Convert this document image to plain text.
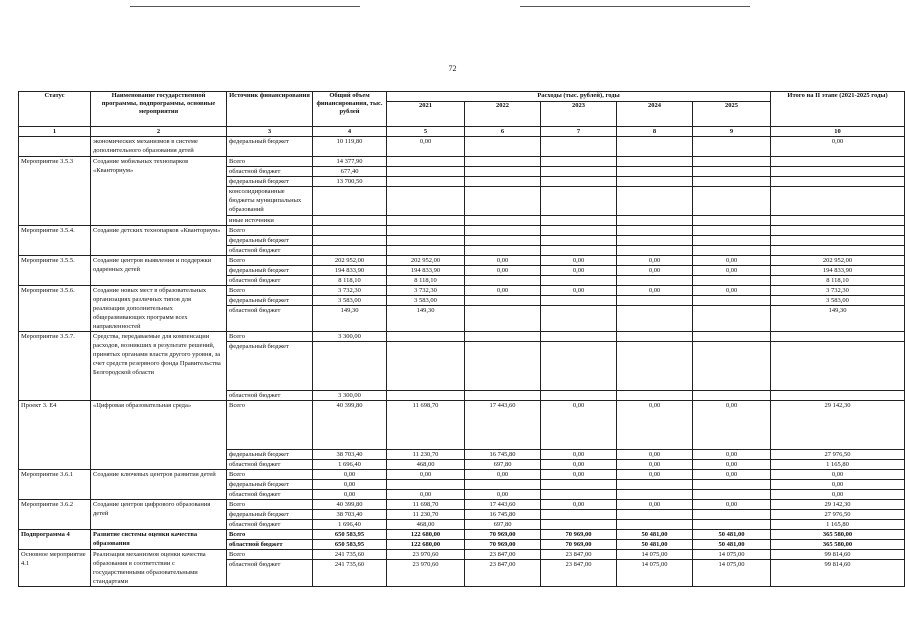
72
Статус	Наименование государственной программы, подпрограммы, основные мероприятия	Источник финансирования	Общий объем финансирования, тыс. рублей	Расходы (тыс. рублей), годы					Итого на II этапе (2021-2025 годы)
				2021	2022	2023	2024	2025	
1	2	3	4	5	6	7	8	9	10
	экономических механизмов в системе дополнительного образования детей	федеральный бюджет	10 119,80	0,00					0,00
Мероприятие 3.5.3	Создание мобильных технопарков «Кванториум»	Всего	14 377,90						
		областной бюджет	677,40						
		федеральный бюджет	13 700,50						
		консолидированные бюджеты муниципальных образований							
		иные источники							
Мероприятие 3.5.4.	Создание детских технопарков «Кванториум»	Всего							
		федеральный бюджет							
		областной бюджет							
Мероприятие 3.5.5.	Создание центров выявления и поддержки одаренных детей	Всего	202 952,00	202 952,00	0,00	0,00	0,00	0,00	202 952,00
		федеральный бюджет	194 833,90	194 833,90	0,00	0,00	0,00	0,00	194 833,90
		областной бюджет	8 118,10	8 118,10					8 118,10
Мероприятие 3.5.6.	Создание новых мест в образовательных организациях различных типов для реализации дополнительных общеразвивающих программ всех направленностей	Всего	3 732,30	3 732,30	0,00	0,00	0,00	0,00	3 732,30
		федеральный бюджет	3 583,00	3 583,00					3 583,00
		областной бюджет	149,30	149,30					149,30
Мероприятие 3.5.7.	Средства, передаваемые для компенсации расходов, возникших в результате решений, принятых органами власти другого уровня, за счет средств резервного фонда Правительства Белгородской области	Всего	3 300,00						
		федеральный бюджет							
		областной бюджет	3 300,00						
Проект 3. Е4	«Цифровая образовательная среда»	Всего	40 399,80	11 698,70	17 443,60	0,00	0,00	0,00	29 142,30
		федеральный бюджет	38 703,40	11 230,70	16 745,80	0,00	0,00	0,00	27 976,50
		областной бюджет	1 696,40	468,00	697,80	0,00	0,00	0,00	1 165,80
Мероприятие 3.6.1	Создание ключевых центров развития детей	Всего	0,00	0,00	0,00	0,00	0,00	0,00	0,00
		федеральный бюджет	0,00						0,00
		областной бюджет	0,00	0,00	0,00				0,00
Мероприятие 3.6.2	Создание центров цифрового образования детей	Всего	40 399,80	11 698,70	17 443,60	0,00	0,00	0,00	29 142,30
		федеральный бюджет	38 703,40	11 230,70	16 745,80				27 976,50
		областной бюджет	1 696,40	468,00	697,80				1 165,80
Подпрограмма 4	Развитие системы оценки качества образования	Всего	650 583,95	122 680,00	70 969,00	70 969,00	50 481,00	50 481,00	365 580,00
		областной бюджет	650 583,95	122 680,00	70 969,00	70 969,00	50 481,00	50 481,00	365 580,00
Основное мероприятие 4.1	Реализация механизмов оценки качества образования в соответствии с государственными образовательными стандартами	Всего	241 735,60	23 970,60	23 847,00	23 847,00	14 075,00	14 075,00	99 814,60
		областной бюджет	241 735,60	23 970,60	23 847,00	23 847,00	14 075,00	14 075,00	99 814,60
